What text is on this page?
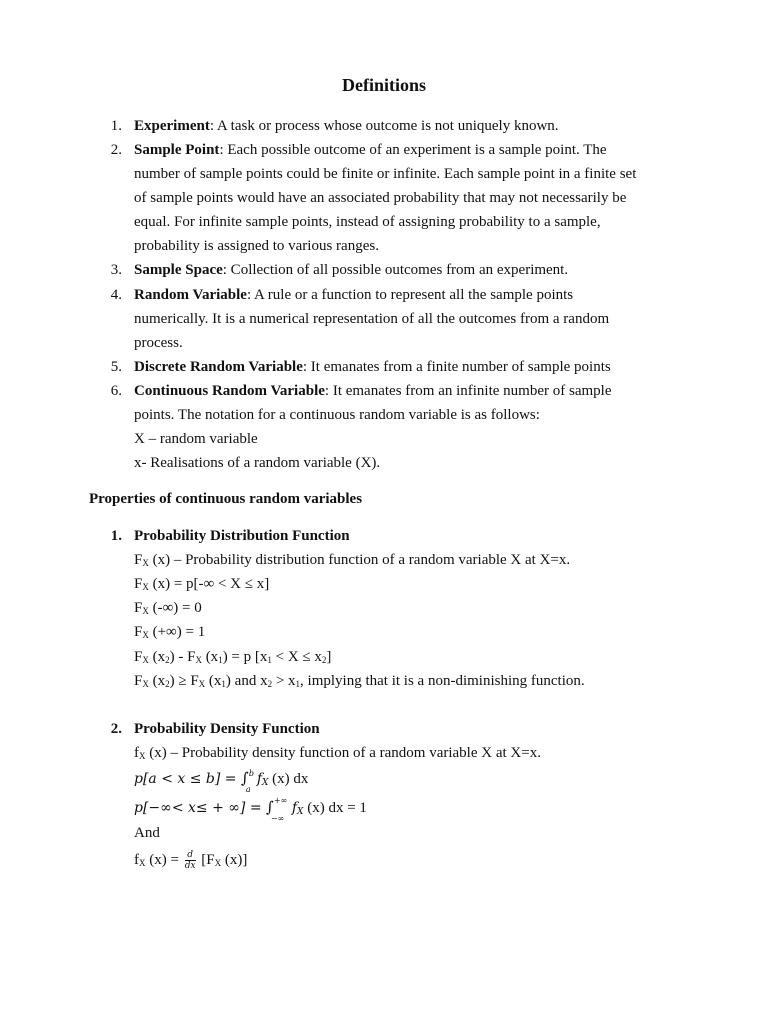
Definitions
1. Experiment: A task or process whose outcome is not uniquely known.
2. Sample Point: Each possible outcome of an experiment is a sample point. The
number of sample points could be finite or infinite. Each sample point in a finite set
of sample points would have an associated probability that may not necessarily be
equal. For infinite sample points, instead of assigning probability to a sample,
probability is assigned to various ranges.
3. Sample Space: Collection of all possible outcomes from an experiment.
4. Random Variable: A rule or a function to represent all the sample points
numerically. It is a numerical representation of all the outcomes from a random
process.
5. Discrete Random Variable: It emanates from a finite number of sample points
6. Continuous Random Variable: It emanates from an infinite number of sample
points. The notation for a continuous random variable is as follows:
X – random variable
x- Realisations of a random variable (X).
Properties of continuous random variables
1. Probability Distribution Function
$F_X$ (x) – Probability distribution function of a random variable X at X=x.
$F_X$ (x) = p[-∞ < X ≤ x]
$F_X$ (-∞) = 0
$F_X$ (+∞) = 1
$F_X$ $(x_2) - F_X$ $(x_1) = p$ $[x_1 < X \le x_2]$
$F_X$ $(x_2) \ge F_X$ $(x_1)$ and $x_2 > x_1$, implying that it is a non-diminishing function.
2. Probability Density Function
$f_X$ (x) – Probability density function of a random variable X at X=x.
p[a < x ≤ b] = ∫ b
a
$f_X$ (x) dx
p[−∞< x≤ + ∞] = ∫ +∞
−∞
$f_X$ (x) dx = 1
And
$f_X$ $(x) = \frac{d}{dx} [F_X$ (x)]
